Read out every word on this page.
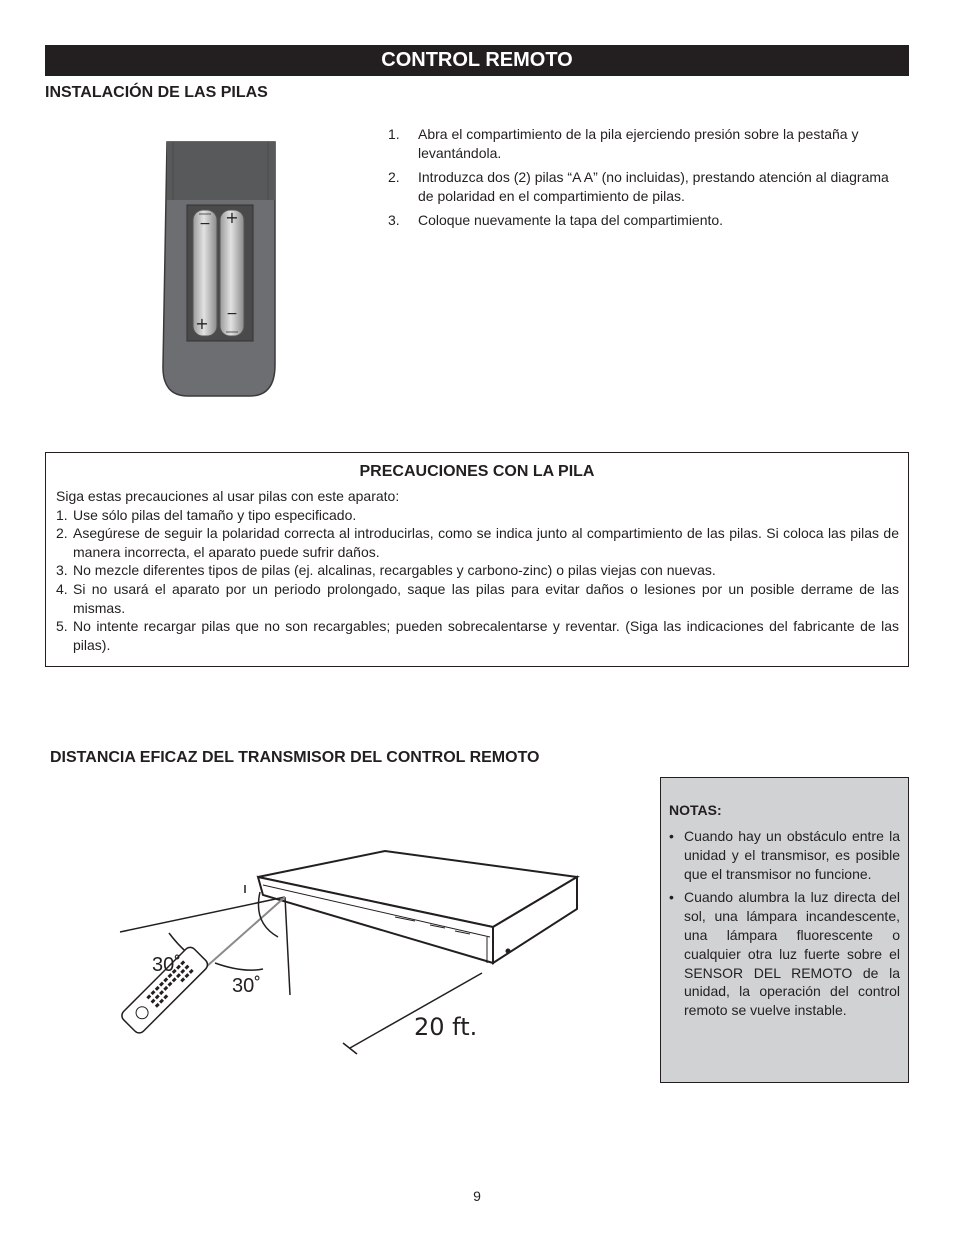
CONTROL REMOTO
INSTALACIÓN DE LAS PILAS
− +
+ −
1.	Abra el compartimiento de la pila ejerciendo presión sobre la pestaña y levantándola.
2.	Introduzca dos (2) pilas “A A” (no incluidas), prestando atención al diagrama de polaridad en el compartimiento de pilas.
3.	Coloque nuevamente la tapa del compartimiento.
PRECAUCIONES CON LA PILA
Siga estas precauciones al usar pilas con este aparato:
1. Use sólo pilas del tamaño y tipo especificado.
2. Asegúrese de seguir la polaridad correcta al introducirlas, como se indica junto al compartimiento de las pilas. Si coloca las pilas de manera incorrecta, el aparato puede sufrir daños.
3. No mezcle diferentes tipos de pilas (ej. alcalinas, recargables y carbono-zinc) o pilas viejas con nuevas.
4. Si no usará el aparato por un periodo prolongado, saque las pilas para evitar daños o lesiones por un posible derrame de las mismas.
5. No intente recargar pilas que no son recargables; pueden sobrecalentarse y reventar. (Siga las indicaciones del fabricante de las pilas).
DISTANCIA EFICAZ DEL TRANSMISOR DEL CONTROL REMOTO
30˚
30˚
20 ft.
NOTAS:
• Cuando hay un obstáculo entre la unidad y el transmisor, es posible que el transmisor no funcione.
• Cuando alumbra la luz directa del sol, una lámpara incandescente, una lámpara fluorescente o cualquier otra luz fuerte sobre el SENSOR DEL REMOTO de la unidad, la operación del control remoto se vuelve instable.
9
